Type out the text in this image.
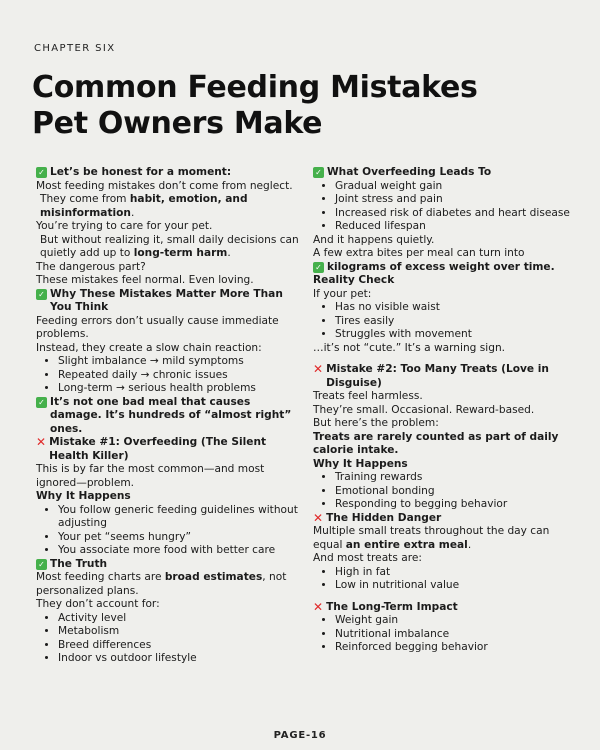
CHAPTER SIX
Common Feeding Mistakes
Pet Owners Make
✓ Let’s be honest for a moment:
Most feeding mistakes don’t come from neglect.
They come from habit, emotion, and misinformation.
You’re trying to care for your pet.
But without realizing it, small daily decisions can quietly add up to long-term harm.
The dangerous part?
These mistakes feel normal. Even loving.
✓ Why These Mistakes Matter More Than You Think
Feeding errors don’t usually cause immediate problems.
Instead, they create a slow chain reaction:
• Slight imbalance → mild symptoms
• Repeated daily → chronic issues
• Long-term → serious health problems
✓ It’s not one bad meal that causes damage. It’s hundreds of “almost right” ones.
✕ Mistake #1: Overfeeding (The Silent Health Killer)
This is by far the most common—and most ignored—problem.
Why It Happens
• You follow generic feeding guidelines without adjusting
• Your pet “seems hungry”
• You associate more food with better care
✓ The Truth
Most feeding charts are broad estimates, not personalized plans.
They don’t account for:
• Activity level
• Metabolism
• Breed differences
• Indoor vs outdoor lifestyle
✓ What Overfeeding Leads To
• Gradual weight gain
• Joint stress and pain
• Increased risk of diabetes and heart disease
• Reduced lifespan
And it happens quietly.
A few extra bites per meal can turn into
✓ kilograms of excess weight over time.
Reality Check
If your pet:
• Has no visible waist
• Tires easily
• Struggles with movement
…it’s not “cute.” It’s a warning sign.
✕ Mistake #2: Too Many Treats (Love in Disguise)
Treats feel harmless.
They’re small. Occasional. Reward-based.
But here’s the problem:
Treats are rarely counted as part of daily calorie intake.
Why It Happens
• Training rewards
• Emotional bonding
• Responding to begging behavior
✕ The Hidden Danger
Multiple small treats throughout the day can equal an entire extra meal.
And most treats are:
• High in fat
• Low in nutritional value
✕ The Long-Term Impact
• Weight gain
• Nutritional imbalance
• Reinforced begging behavior
PAGE-16
